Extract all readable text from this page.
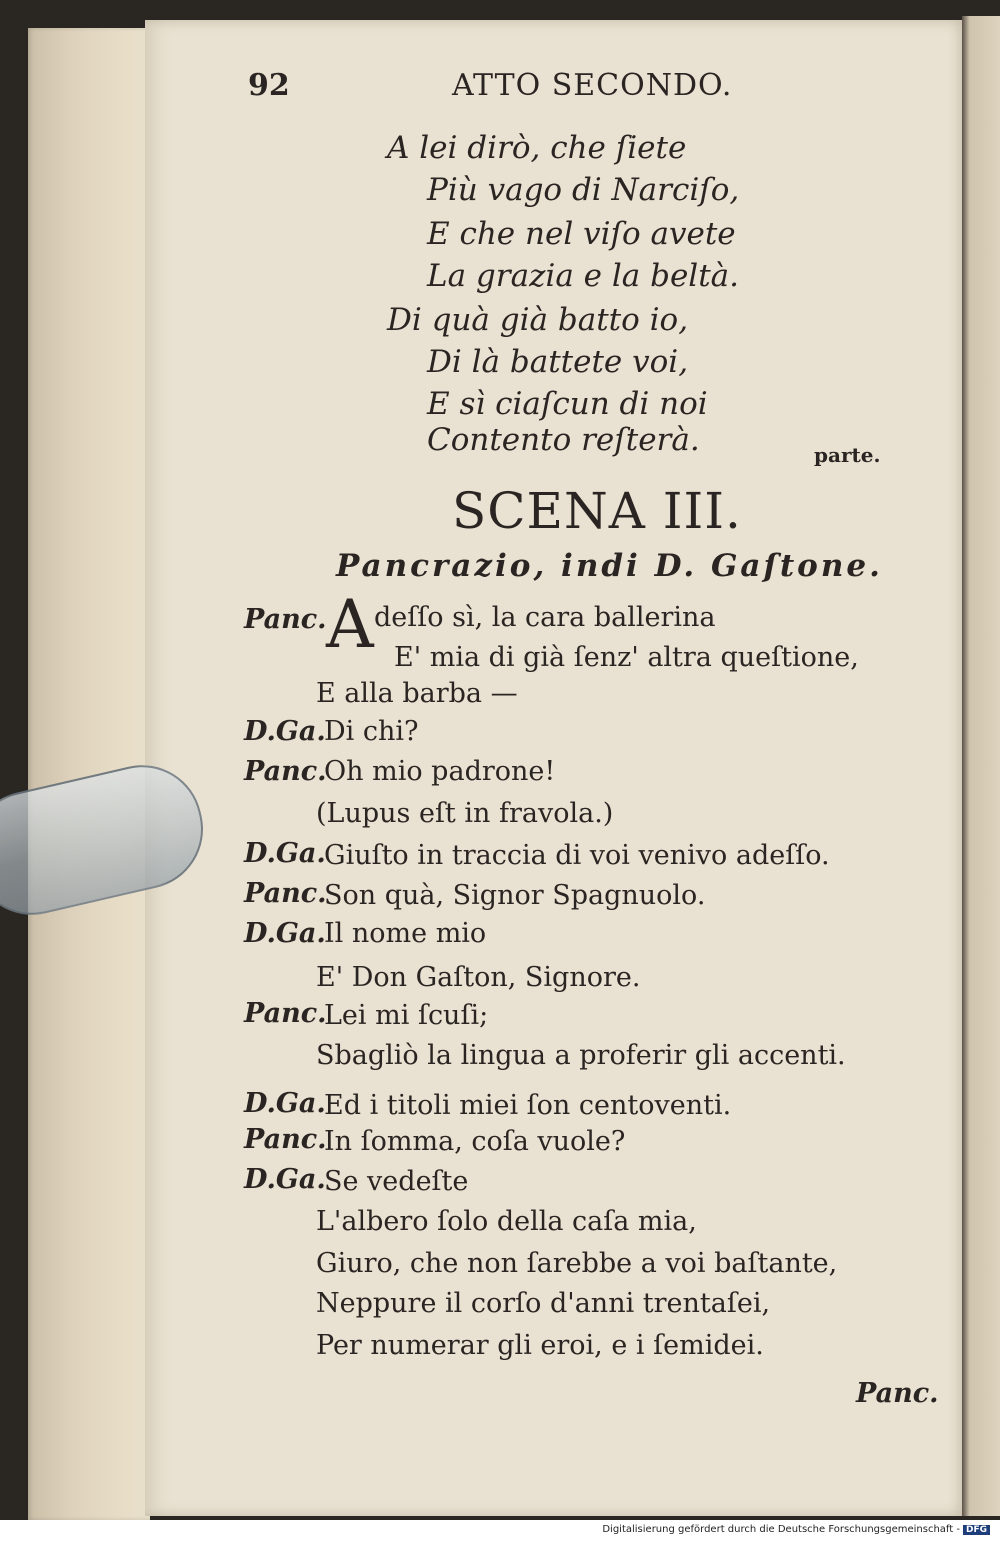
92	ATTO SECONDO.
A lei dirò, che ſiete
Più vago di Narciſo,
E che nel viſo avete
La grazia e la beltà.
Di quà già batto io,
Di là battete voi,
E sì ciaſcun di noi
Contento reſterà.	parte.
SCENA III.
Pancrazio, indi D. Gaſtone.
Panc. A deſſo sì, la cara ballerina
E' mia di già ſenz' altra queſtione,
E alla barba —
D.Ga.
Di chi?
Panc.
Oh mio padrone!
(Lupus eſt in fravola.)
D.Ga.
Giuſto in traccia di voi venivo adeſſo.
Panc.
Son quà, Signor Spagnuolo.
D.Ga.
Il nome mio
E' Don Gaſton, Signore.
Panc.
Lei mi ſcuſi;
Sbagliò la lingua a proferir gli accenti.
D.Ga.
Ed i titoli miei ſon centoventi.
Panc.
In ſomma, coſa vuole?
D.Ga.
Se vedeſte
L'albero ſolo della caſa mia,
Giuro, che non ſarebbe a voi baſtante,
Neppure il corſo d'anni trentaſei,
Per numerar gli eroi, e i ſemidei.
Panc.
Digitalisierung gefördert durch die Deutsche Forschungsgemeinschaft - DFG
